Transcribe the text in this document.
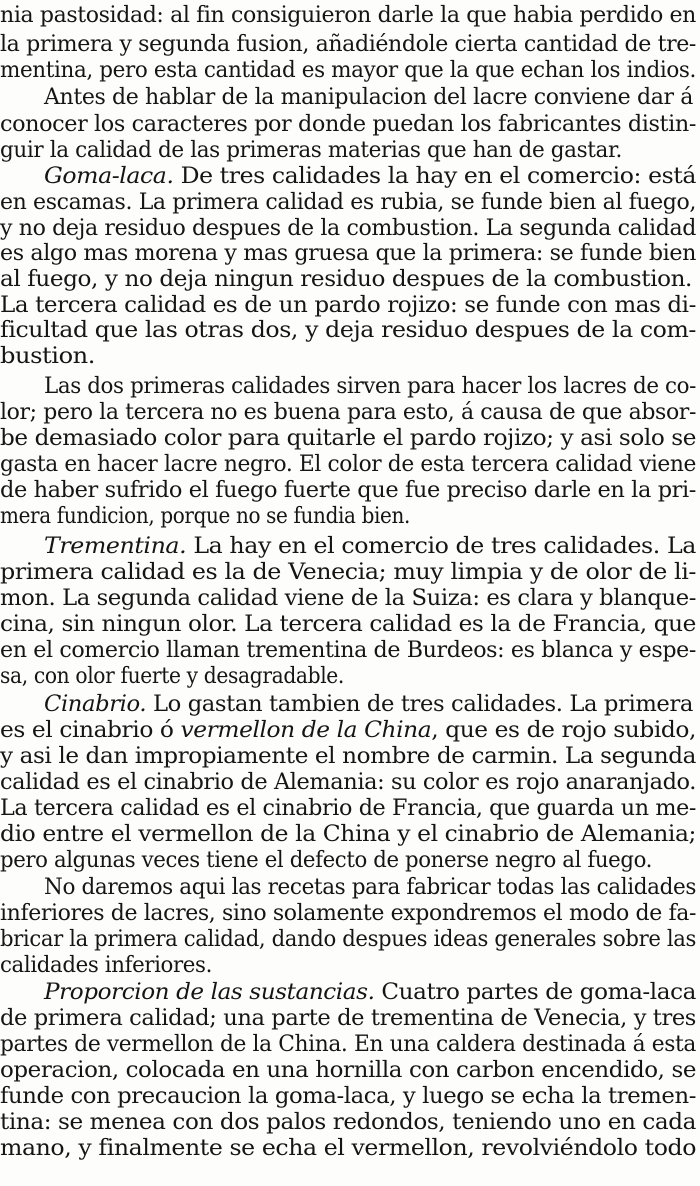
nia pastosidad: al fin consiguieron darle la que habia perdido en
la primera y segunda fusion, añadiéndole cierta cantidad de tre-
mentina, pero esta cantidad es mayor que la que echan los indios.
Antes de hablar de la manipulacion del lacre conviene dar á
conocer los caracteres por donde puedan los fabricantes distin-
guir la calidad de las primeras materias que han de gastar.
Goma-laca. De tres calidades la hay en el comercio: está
en escamas. La primera calidad es rubia, se funde bien al fuego,
y no deja residuo despues de la combustion. La segunda calidad
es algo mas morena y mas gruesa que la primera: se funde bien
al fuego, y no deja ningun residuo despues de la combustion.
La tercera calidad es de un pardo rojizo: se funde con mas di-
ficultad que las otras dos, y deja residuo despues de la com-
bustion.
Las dos primeras calidades sirven para hacer los lacres de co-
lor; pero la tercera no es buena para esto, á causa de que absor-
be demasiado color para quitarle el pardo rojizo; y asi solo se
gasta en hacer lacre negro. El color de esta tercera calidad viene
de haber sufrido el fuego fuerte que fue preciso darle en la pri-
mera fundicion, porque no se fundia bien.
Trementina. La hay en el comercio de tres calidades. La
primera calidad es la de Venecia; muy limpia y de olor de li-
mon. La segunda calidad viene de la Suiza: es clara y blanque-
cina, sin ningun olor. La tercera calidad es la de Francia, que
en el comercio llaman trementina de Burdeos: es blanca y espe-
sa, con olor fuerte y desagradable.
Cinabrio. Lo gastan tambien de tres calidades. La primera
es el cinabrio ó vermellon de la China, que es de rojo subido,
y asi le dan impropiamente el nombre de carmin. La segunda
calidad es el cinabrio de Alemania: su color es rojo anaranjado.
La tercera calidad es el cinabrio de Francia, que guarda un me-
dio entre el vermellon de la China y el cinabrio de Alemania;
pero algunas veces tiene el defecto de ponerse negro al fuego.
No daremos aqui las recetas para fabricar todas las calidades
inferiores de lacres, sino solamente expondremos el modo de fa-
bricar la primera calidad, dando despues ideas generales sobre las
calidades inferiores.
Proporcion de las sustancias. Cuatro partes de goma-laca
de primera calidad; una parte de trementina de Venecia, y tres
partes de vermellon de la China. En una caldera destinada á esta
operacion, colocada en una hornilla con carbon encendido, se
funde con precaucion la goma-laca, y luego se echa la tremen-
tina: se menea con dos palos redondos, teniendo uno en cada
mano, y finalmente se echa el vermellon, revolviéndolo todo
